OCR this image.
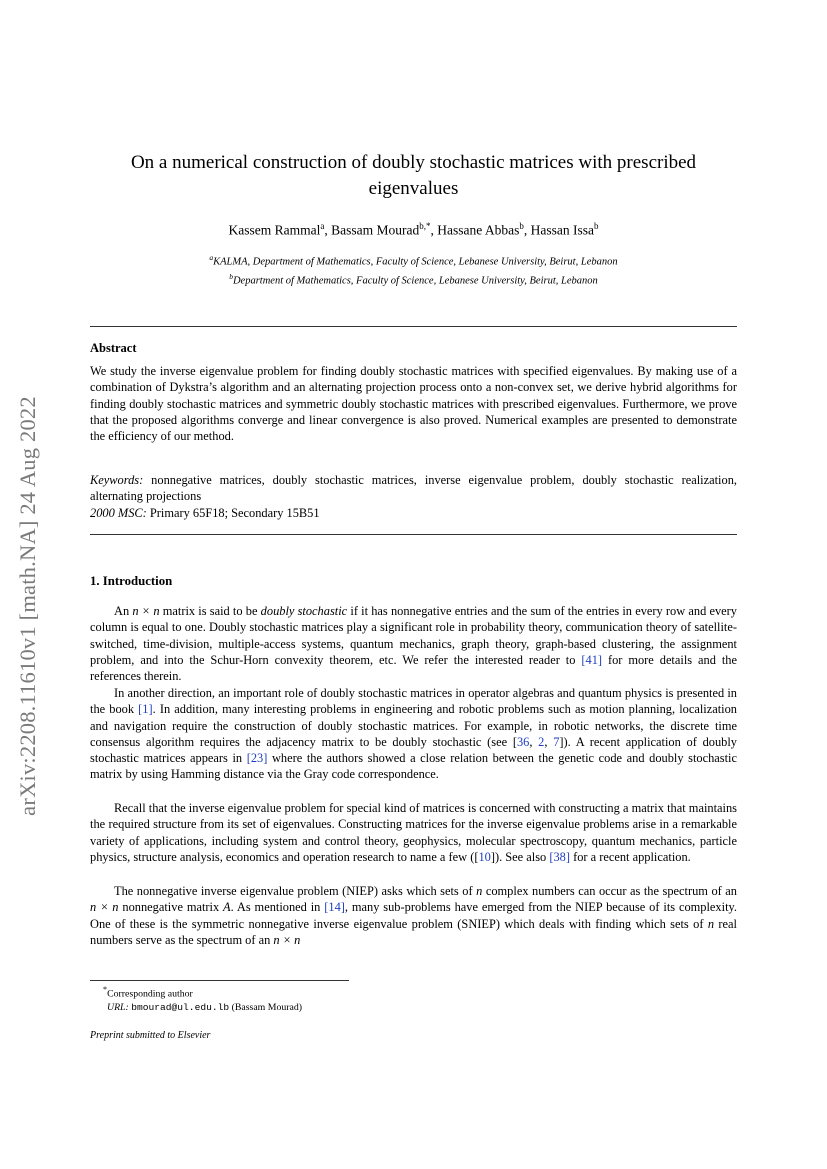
arXiv:2208.11610v1 [math.NA] 24 Aug 2022
On a numerical construction of doubly stochastic matrices with prescribed
eigenvalues
Kassem Rammal$^a$, Bassam Mourad$^{b,*}$, Hassane Abbas$^b$, Hassan Issa$^b$
$^a$KALMA, Department of Mathematics, Faculty of Science, Lebanese University, Beirut, Lebanon
$^b$Department of Mathematics, Faculty of Science, Lebanese University, Beirut, Lebanon
Abstract
We study the inverse eigenvalue problem for finding doubly stochastic matrices with specified eigenvalues. By making use of a combination of Dykstra’s algorithm and an alternating projection process onto a non-convex set, we derive hybrid algorithms for finding doubly stochastic matrices and symmetric doubly stochastic matrices with prescribed eigenvalues. Furthermore, we prove that the proposed algorithms converge and linear convergence is also proved. Numerical examples are presented to demonstrate the efficiency of our method.
Keywords: nonnegative matrices, doubly stochastic matrices, inverse eigenvalue problem, doubly stochastic realization, alternating projections
2000 MSC: Primary 65F18; Secondary 15B51
1. Introduction
An n × n matrix is said to be doubly stochastic if it has nonnegative entries and the sum of the entries in every row and every column is equal to one. Doubly stochastic matrices play a significant role in probability theory, communication theory of satellite-switched, time-division, multiple-access systems, quantum mechanics, graph theory, graph-based clustering, the assignment problem, and into the Schur-Horn convexity theorem, etc. We refer the interested reader to [41] for more details and the references therein.
In another direction, an important role of doubly stochastic matrices in operator algebras and quantum physics is presented in the book [1]. In addition, many interesting problems in engineering and robotic problems such as motion planning, localization and navigation require the construction of doubly stochastic matrices. For example, in robotic networks, the discrete time consensus algorithm requires the adjacency matrix to be doubly stochastic (see [36, 2, 7]). A recent application of doubly stochastic matrices appears in [23] where the authors showed a close relation between the genetic code and doubly stochastic matrix by using Hamming distance via the Gray code correspondence.
Recall that the inverse eigenvalue problem for special kind of matrices is concerned with constructing a matrix that maintains the required structure from its set of eigenvalues. Constructing matrices for the inverse eigenvalue problems arise in a remarkable variety of applications, including system and control theory, geophysics, molecular spectroscopy, quantum mechanics, particle physics, structure analysis, economics and operation research to name a few ([10]). See also [38] for a recent application.
The nonnegative inverse eigenvalue problem (NIEP) asks which sets of n complex numbers can occur as the spectrum of an n × n nonnegative matrix A. As mentioned in [14], many sub-problems have emerged from the NIEP because of its complexity. One of these is the symmetric nonnegative inverse eigenvalue problem (SNIEP) which deals with finding which sets of n real numbers serve as the spectrum of an n × n
*Corresponding author
URL: bmourad@ul.edu.lb (Bassam Mourad)
Preprint submitted to Elsevier
